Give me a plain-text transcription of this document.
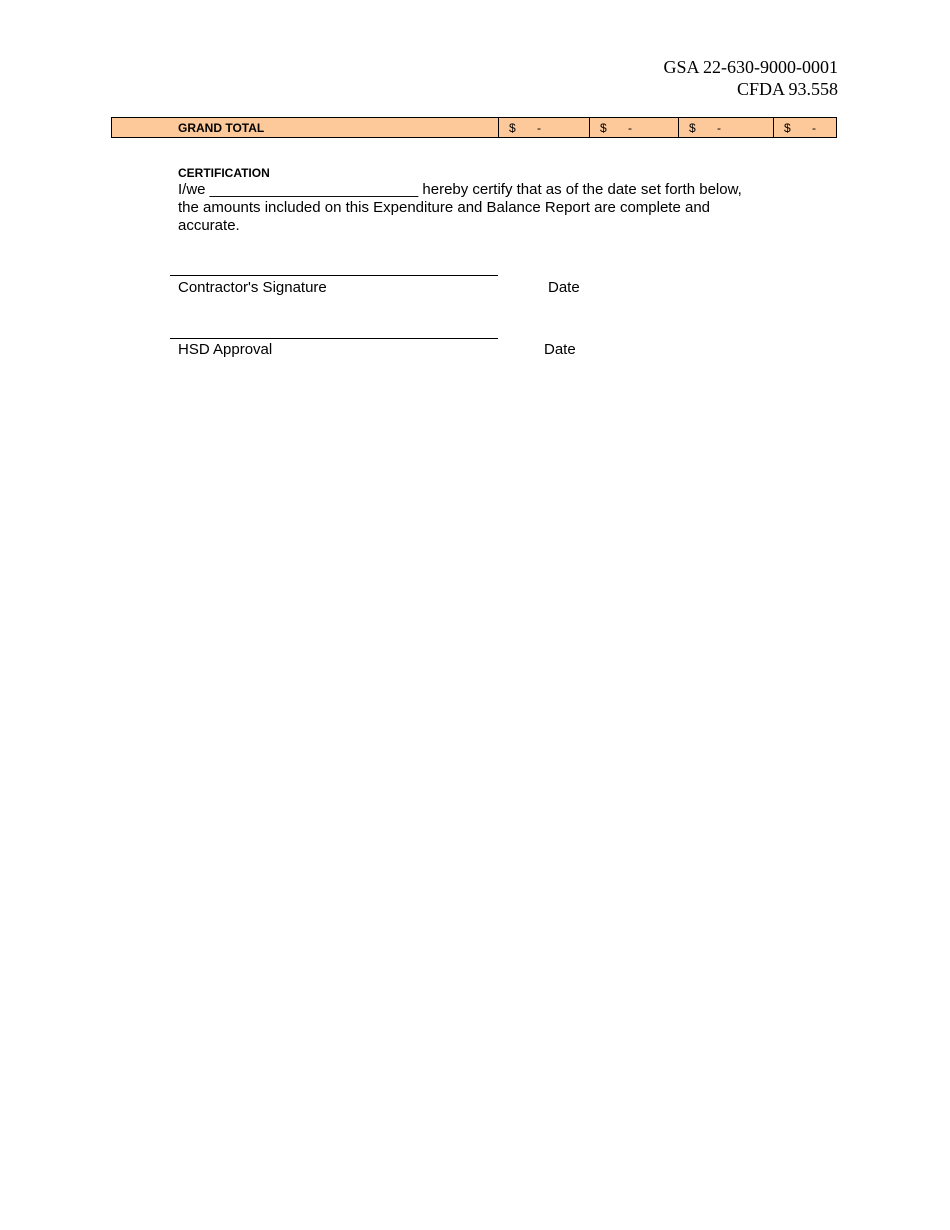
GSA 22-630-9000-0001
CFDA 93.558
GRAND TOTAL	$	-	$	-	$	-	$	-
CERTIFICATION
I/we _________________________ hereby certify that as of the date set forth below,
the amounts included on this Expenditure and Balance Report are complete and
accurate.
Contractor's Signature	Date
HSD Approval	Date
